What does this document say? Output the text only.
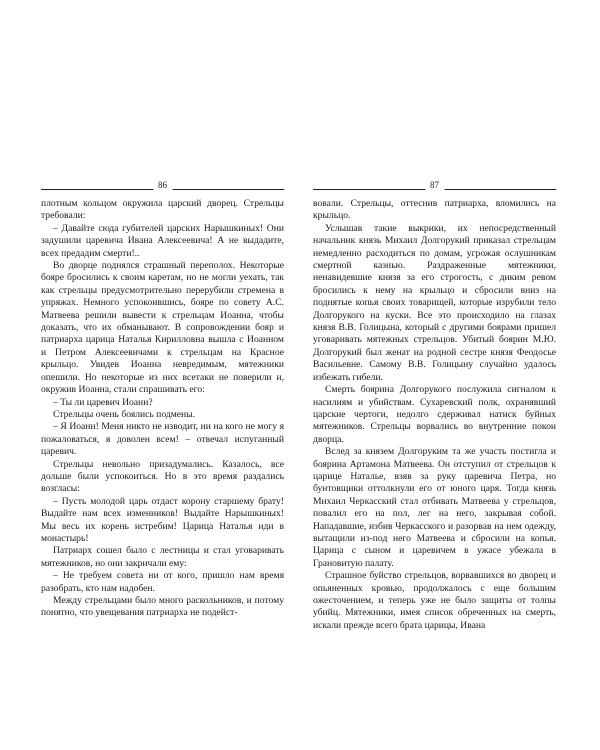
86

плотным кольцом окружила царский дворец. Стрельцы требовали:

– Давайте сюда губителей царских Нарышкиных! Они задушили царевича Ивана Алексеевича! А не выдадите, всех предадим смерти!..

Во дворце поднялся страшный переполох. Некоторые бояре бросились к своим каретам, но не могли уехать, так как стрельцы предусмотрительно перерубили стремена в упряжах. Немного успокоившись, бояре по совету А.С. Матвеева решили вывести к стрельцам Иоанна, чтобы доказать, что их обманывают. В сопровождении бояр и патриарха царица Наталья Кирилловна вышла с Иоанном и Петром Алексеевичами к стрельцам на Красное крыльцо. Увидев Иоанна невредимым, мятежники опешили. Но некоторые из них всетаки не поверили и, окружив Иоанна, стали спрашивать его:

– Ты ли царевич Иоанн?

Стрельцы очень боялись подмены.

– Я Иоанн! Меня никто не изводит, ни на кого не могу я пожаловаться, я доволен всем! – отвечал испуганный царевич.

Стрельцы невольно призадумались. Казалось, все дольше были успокоиться. Но в это время раздались возгласы:

– Пусть молодой царь отдаст корону старшему брату! Выдайте нам всех изменников! Выдайте Нарышкиных! Мы весь их корень истребим! Царица Наталья иди в монастырь!

Патриарх сошел было с лестницы и стал уговаривать мятежников, но они закричали ему:

– Не требуем совета ни от кого, пришло нам время разобрать, кто нам надобен.

Между стрельцами было много раскольников, и потому понятно, что увещевания патриарха не подейст-

87

вовали. Стрельцы, оттеснив патриарха, вломились на крыльцо.

Услышав такие выкрики, их непосредственный начальник князь Михаил Долгорукий приказал стрельцам немедленно расходиться по домам, угрожая ослушникам смертной казнью. Раздраженные мятежники, ненавидевшие князя за его строгость, с диким ревом бросились к нему на крыльцо и сбросили вниз на поднятые копья своих товарищей, которые изрубили тело Долгорукого на куски. Все это происходило на глазах князя В.В. Голицына, который с другими боярами пришел уговаривать мятежных стрельцов. Убитый боярин М.Ю. Долгорукий был женат на родной сестре князя Феодосье Васильевне. Самому В.В. Голицыну случайно удалось избежать гибели.

Смерть боярина Долгорукого послужила сигналом к насилиям и убийствам. Сухаревский полк, охранявший царские чертоги, недолго сдерживал натиск буйных мятежников. Стрельцы ворвались во внутренние покои дворца.

Вслед за князем Долгоруким та же участь постигла и боярина Артамона Матвеева. Он отступил от стрельцов к царице Наталье, взяв за руку царевича Петра, но бунтовщики оттолкнули его от юного царя. Тогда князь Михаил Черкасский стал отбивать Матвеева у стрельцов, повалил его на пол, лег на него, закрывая собой. Нападавшие, избив Черкасского и разорвав на нем одежду, вытащили из-под него Матвеева и сбросили на копья. Царица с сыном и царевичем в ужасе убежала в Грановитую палату.

Страшное буйство стрельцов, ворвавшихся во дворец и опьяненных кровью, продолжалось с еще большим ожесточением, и теперь уже не было защиты от толпы убийц. Мятежники, имея список обреченных на смерть, искали прежде всего брата царицы, Ивана
